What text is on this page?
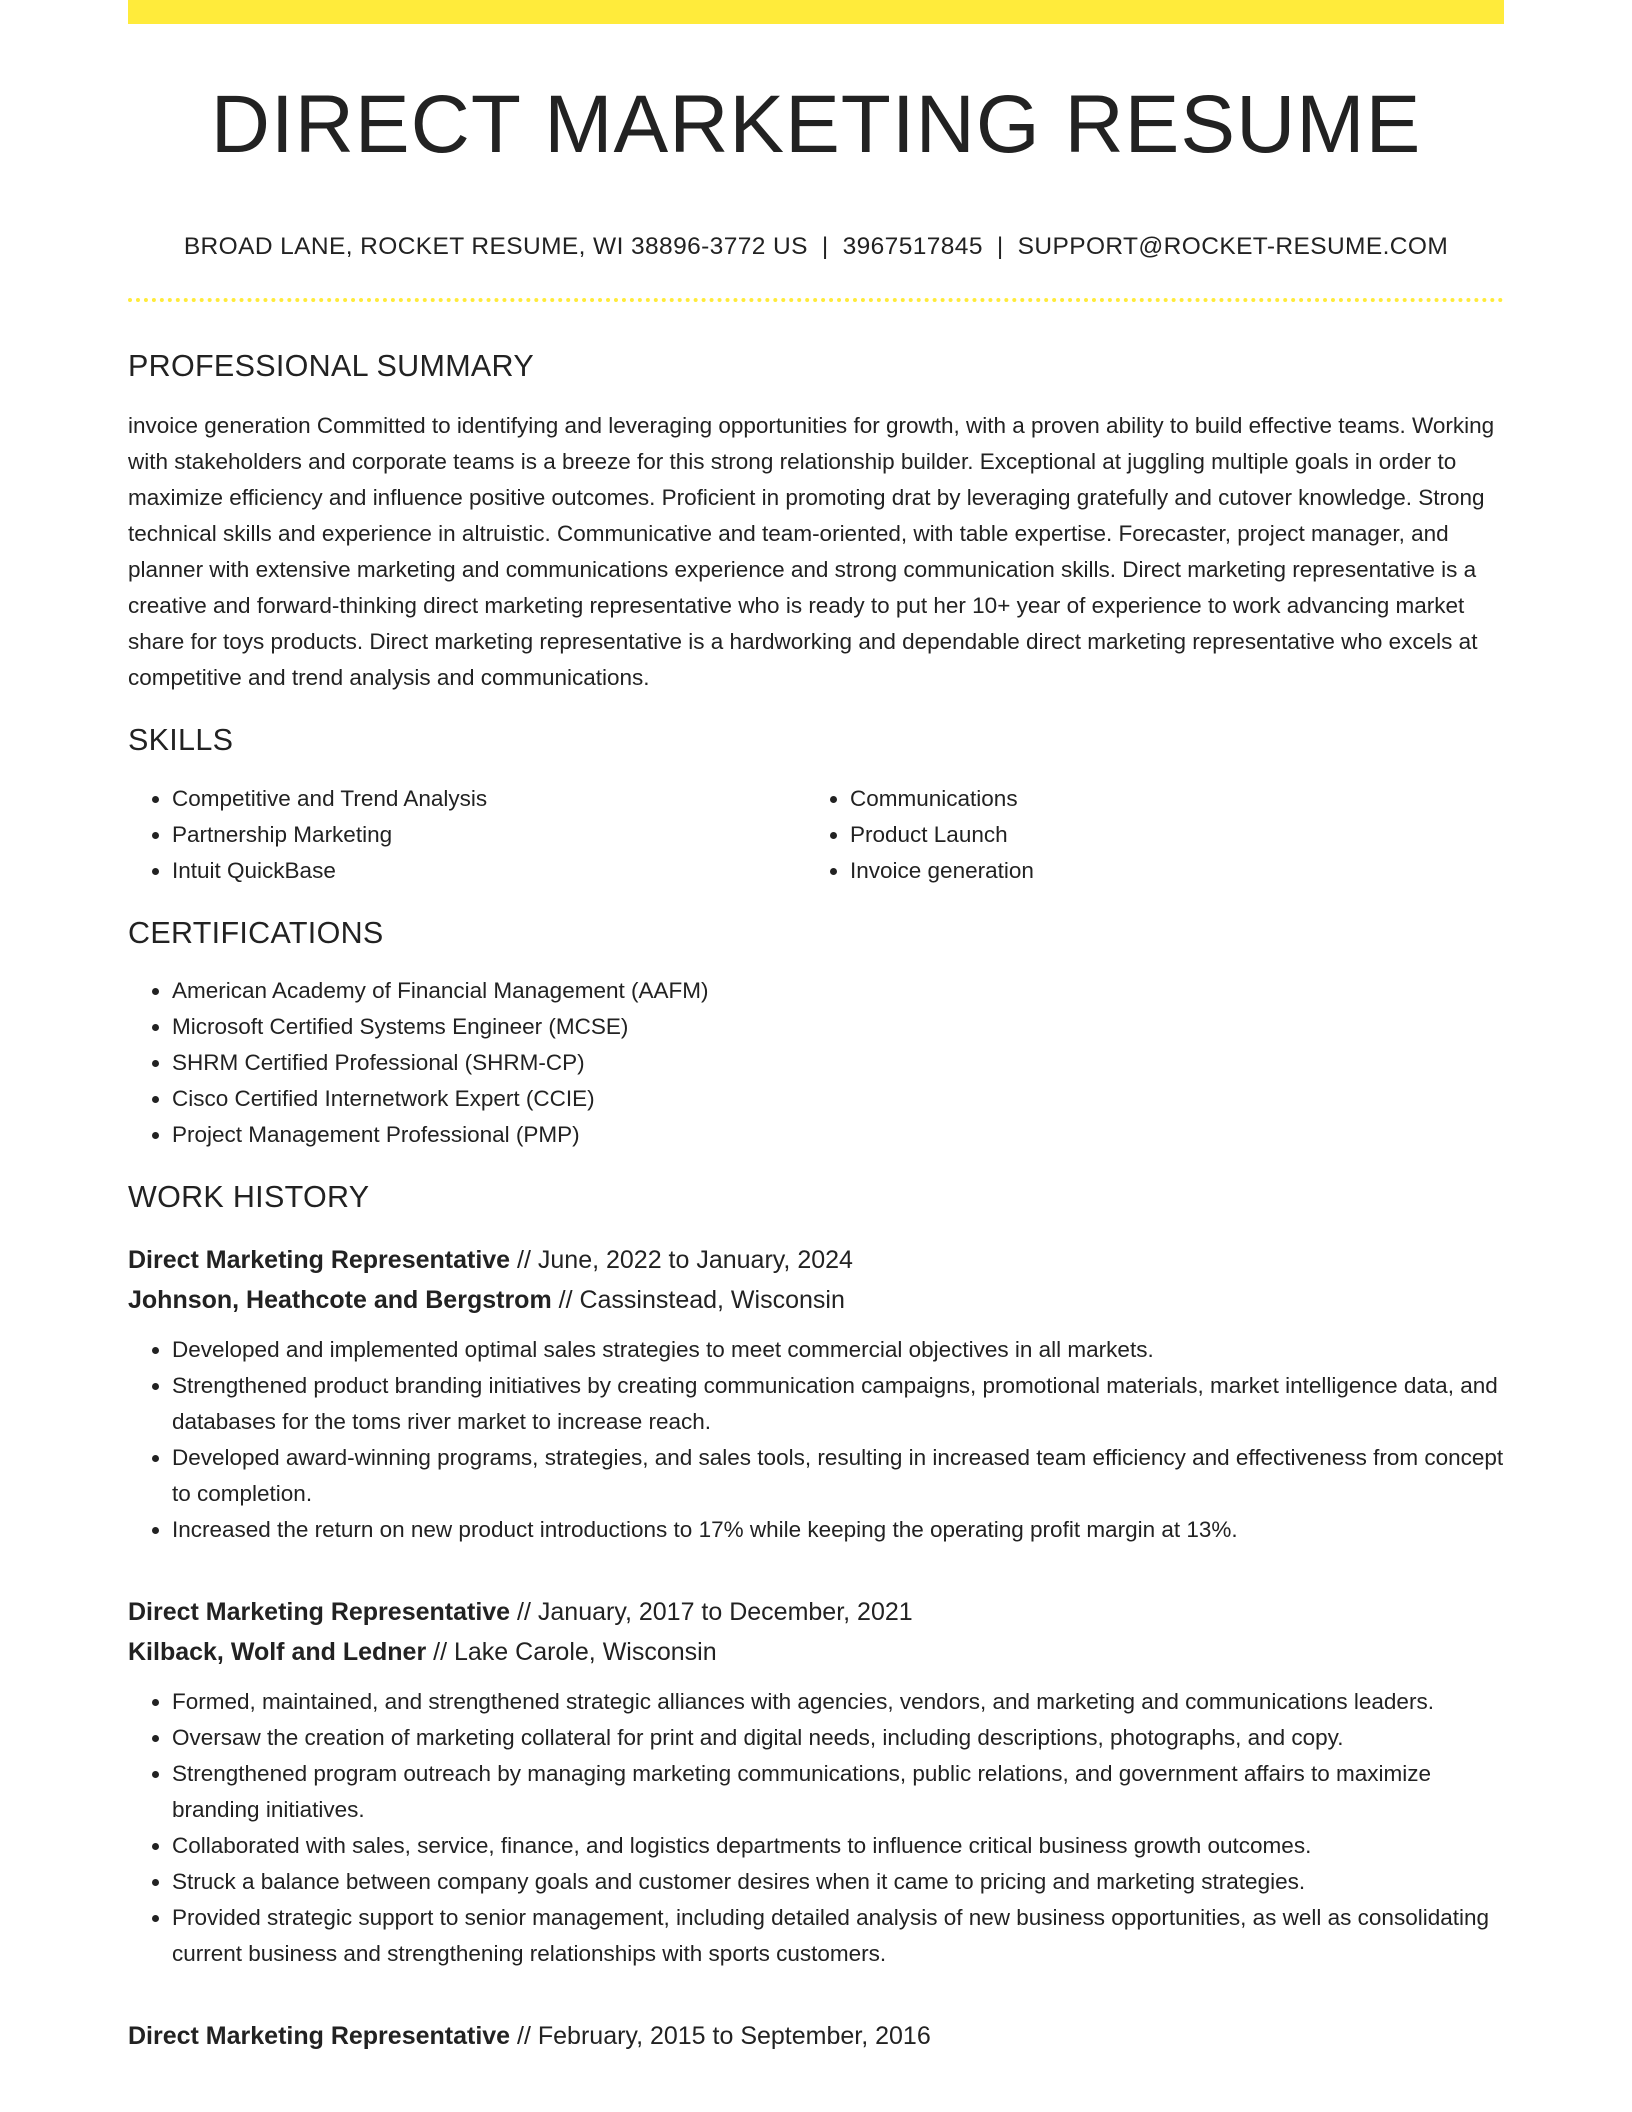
DIRECT MARKETING RESUME
BROAD LANE, ROCKET RESUME, WI 38896-3772 US | 3967517845 | SUPPORT@ROCKET-RESUME.COM
PROFESSIONAL SUMMARY

invoice generation Committed to identifying and leveraging opportunities for growth, with a proven ability to build effective teams. Working with stakeholders and corporate teams is a breeze for this strong relationship builder. Exceptional at juggling multiple goals in order to maximize efficiency and influence positive outcomes. Proficient in promoting drat by leveraging gratefully and cutover knowledge. Strong technical skills and experience in altruistic. Communicative and team-oriented, with table expertise. Forecaster, project manager, and planner with extensive marketing and communications experience and strong communication skills. Direct marketing representative is a creative and forward-thinking direct marketing representative who is ready to put her 10+ year of experience to work advancing market share for toys products. Direct marketing representative is a hardworking and dependable direct marketing representative who excels at competitive and trend analysis and communications.

SKILLS
• Competitive and Trend Analysis
• Partnership Marketing
• Intuit QuickBase
• Communications
• Product Launch
• Invoice generation
CERTIFICATIONS
• American Academy of Financial Management (AAFM)
• Microsoft Certified Systems Engineer (MCSE)
• SHRM Certified Professional (SHRM-CP)
• Cisco Certified Internetwork Expert (CCIE)
• Project Management Professional (PMP)
WORK HISTORY
Direct Marketing Representative // June, 2022 to January, 2024
Johnson, Heathcote and Bergstrom // Cassinstead, Wisconsin
• Developed and implemented optimal sales strategies to meet commercial objectives in all markets.
• Strengthened product branding initiatives by creating communication campaigns, promotional materials, market intelligence data, and databases for the toms river market to increase reach.
• Developed award-winning programs, strategies, and sales tools, resulting in increased team efficiency and effectiveness from concept to completion.
• Increased the return on new product introductions to 17% while keeping the operating profit margin at 13%.
Direct Marketing Representative // January, 2017 to December, 2021
Kilback, Wolf and Ledner // Lake Carole, Wisconsin
• Formed, maintained, and strengthened strategic alliances with agencies, vendors, and marketing and communications leaders.
• Oversaw the creation of marketing collateral for print and digital needs, including descriptions, photographs, and copy.
• Strengthened program outreach by managing marketing communications, public relations, and government affairs to maximize branding initiatives.
• Collaborated with sales, service, finance, and logistics departments to influence critical business growth outcomes.
• Struck a balance between company goals and customer desires when it came to pricing and marketing strategies.
• Provided strategic support to senior management, including detailed analysis of new business opportunities, as well as consolidating current business and strengthening relationships with sports customers.
Direct Marketing Representative // February, 2015 to September, 2016
